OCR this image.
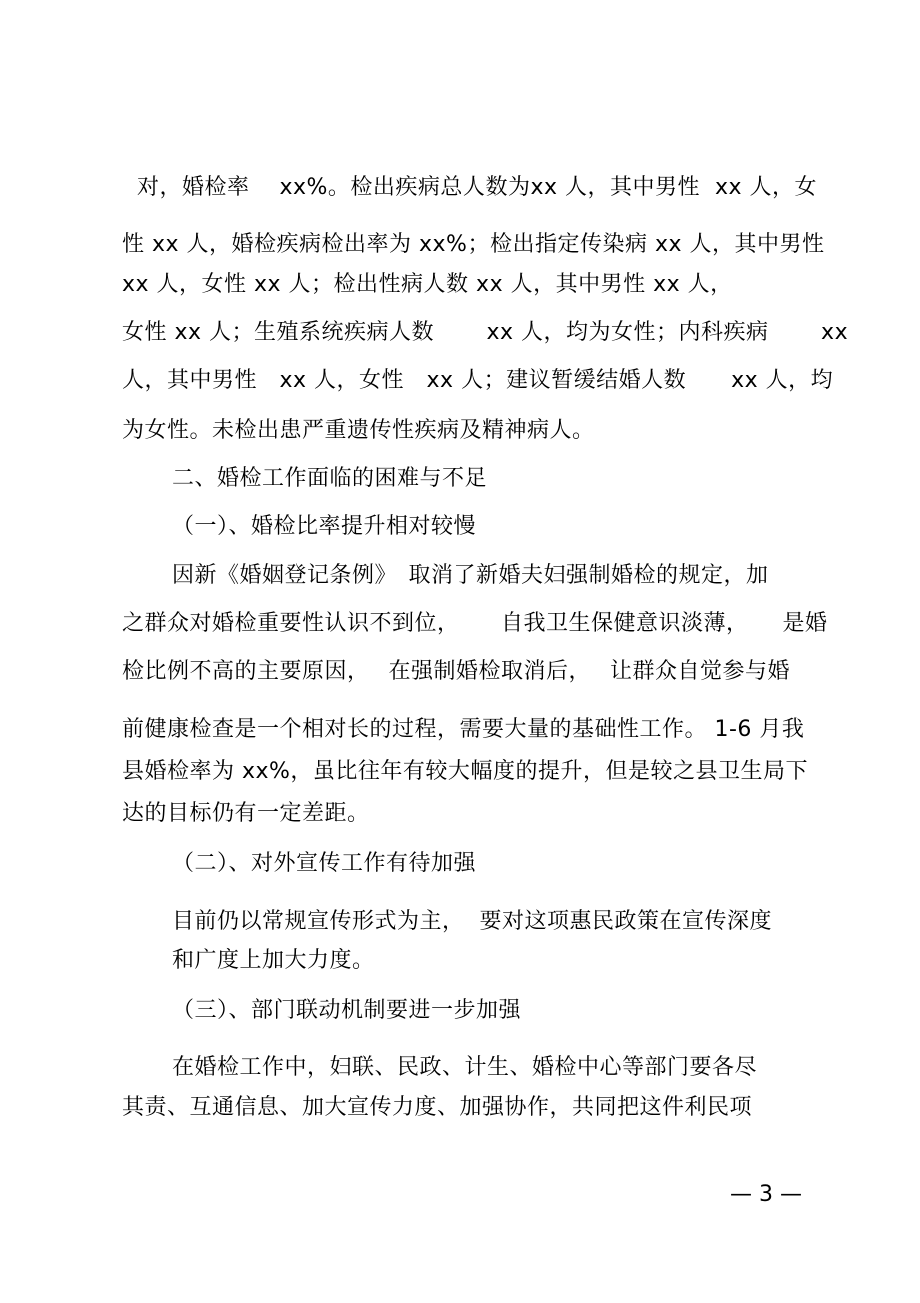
对，婚检率　 xx%。检出疾病总人数为xx 人，其中男性  xx 人，女
性 xx 人，婚检疾病检出率为 xx%；检出指定传染病 xx 人，其中男性
xx 人，女性 xx 人；检出性病人数 xx 人，其中男性 xx 人，
女性 xx 人；生殖系统疾病人数　　 xx 人，均为女性；内科疾病　　 xx
人，其中男性　xx 人，女性　xx 人；建议暂缓结婚人数　　xx 人，均
为女性。未检出患严重遗传性疾病及精神病人。
二、婚检工作面临的困难与不足
（一）、婚检比率提升相对较慢
因新《婚姻登记条例》　取消了新婚夫妇强制婚检的规定，加
之群众对婚检重要性认识不到位，　　 自我卫生保健意识淡薄，　　是婚
检比例不高的主要原因，　 在强制婚检取消后，　 让群众自觉参与婚
前健康检查是一个相对长的过程，需要大量的基础性工作。 1-6 月我
县婚检率为 xx%，虽比往年有较大幅度的提升，但是较之县卫生局下
达的目标仍有一定差距。
（二）、对外宣传工作有待加强
目前仍以常规宣传形式为主，  要对这项惠民政策在宣传深度
和广度上加大力度。
（三）、部门联动机制要进一步加强
在婚检工作中，妇联、民政、计生、婚检中心等部门要各尽
其责、互通信息、加大宣传力度、加强协作，共同把这件利民项
— 3 —
